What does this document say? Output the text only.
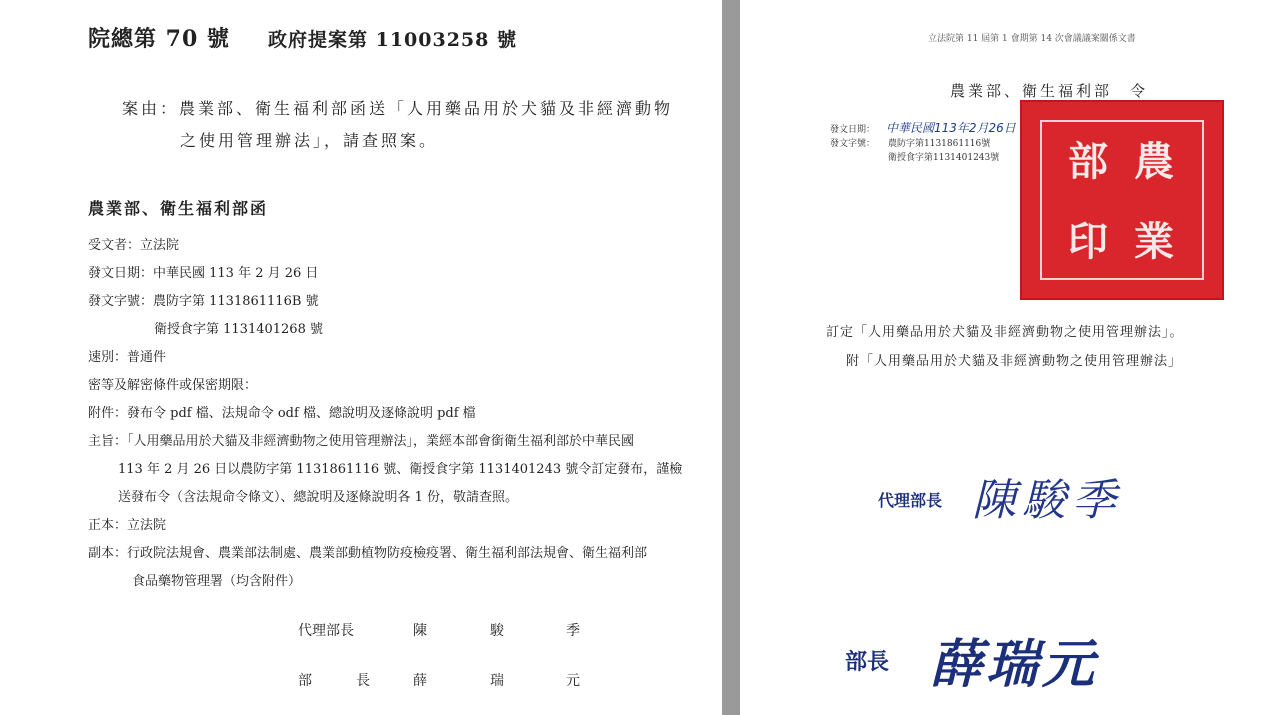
院總第 70 號 政府提案第 11003258 號
案由：農業部、衛生福利部函送「人用藥品用於犬貓及非經濟動物
之使用管理辦法」，請查照案。
農業部、衛生福利部函
受文者：立法院
發文日期：中華民國 113 年 2 月 26 日
發文字號：農防字第 1131861116B 號
衛授食字第 1131401268 號
速別：普通件
密等及解密條件或保密期限：
附件：發布令 pdf 檔、法規命令 odf 檔、總說明及逐條說明 pdf 檔
主旨：「人用藥品用於犬貓及非經濟動物之使用管理辦法」，業經本部會銜衛生福利部於中華民國
113 年 2 月 26 日以農防字第 1131861116 號、衛授食字第 1131401243 號令訂定發布，謹檢
送發布令（含法規命令條文）、總說明及逐條說明各 1 份，敬請查照。
正本：立法院
副本：行政院法規會、農業部法制處、農業部動植物防疫檢疫署、衛生福利部法規會、衛生福利部
食品藥物管理署（均含附件）
代理部長	陳	駿	季
部	長	薛	瑞	元
立法院第 11 屆第 1 會期第 14 次會議議案關係文書
農業部、衛生福利部　令
發文日期： 中華民國113年2月26日
發文字號： 農防字第1131861116號
衛授食字第1131401243號	農
業
部
印
訂定「人用藥品用於犬貓及非經濟動物之使用管理辦法」。
附「人用藥品用於犬貓及非經濟動物之使用管理辦法」
代理部長 陳駿季
部長 薛瑞元
